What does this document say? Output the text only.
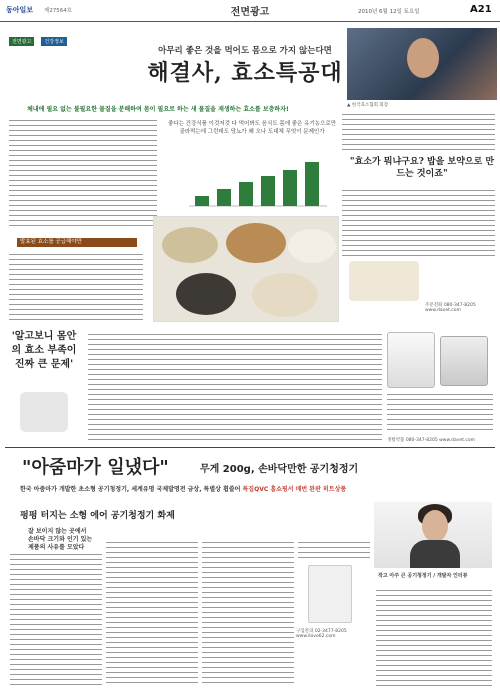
동아일보 제27564호	전면광고	2010년 6월 12일 토요일	A21
전면광고	건강정보
아무리 좋은 것을 먹어도 몸으로 가지 않는다면
해결사, 효소특공대
체내에 필요 없는 불필요한 물질을 분해하여 몸이 필요로 하는 새 물질을 재생하는 효소를 보충하자!
발효된 효소를 공급해야만
좋다는 건강식품 이것저것 다 먹어봐도 음식도 몸에 좋은 유기농으로만 골라먹는데 그런데도 당뇨가 왜 오나 도대체 무엇이 문제인가
▲ 한국효소협회 회장
"효소가 뭐냐구요? 밥을 보약으로 만드는 것이죠"
주문전화 080-347-8205 www.davet.com
'알고보니 몸안의 효소 부족이 진짜 큰 문제'
생활약품 080-347-8205 www.davet.com
"아줌마가 일냈다"	무게 200g, 손바닥만한 공기청정기
한국 아줌마가 개발한 초소형 공기청정기, 세계유명 국제발명전 금상, 특별상 휩쓸어 특집QVC 홈쇼핑서 매번 완판 히트상품
펑펑 터지는 소형 에어 공기청정기 화제
잘 보이지 않는 곳에서
손바닥 크기와 인기 있는
제품의 사유를 모았다
구입문의 02-3477-8205 www.ilove62.com
작고 아주 큰 공기청정기 / 개발자 인터뷰
